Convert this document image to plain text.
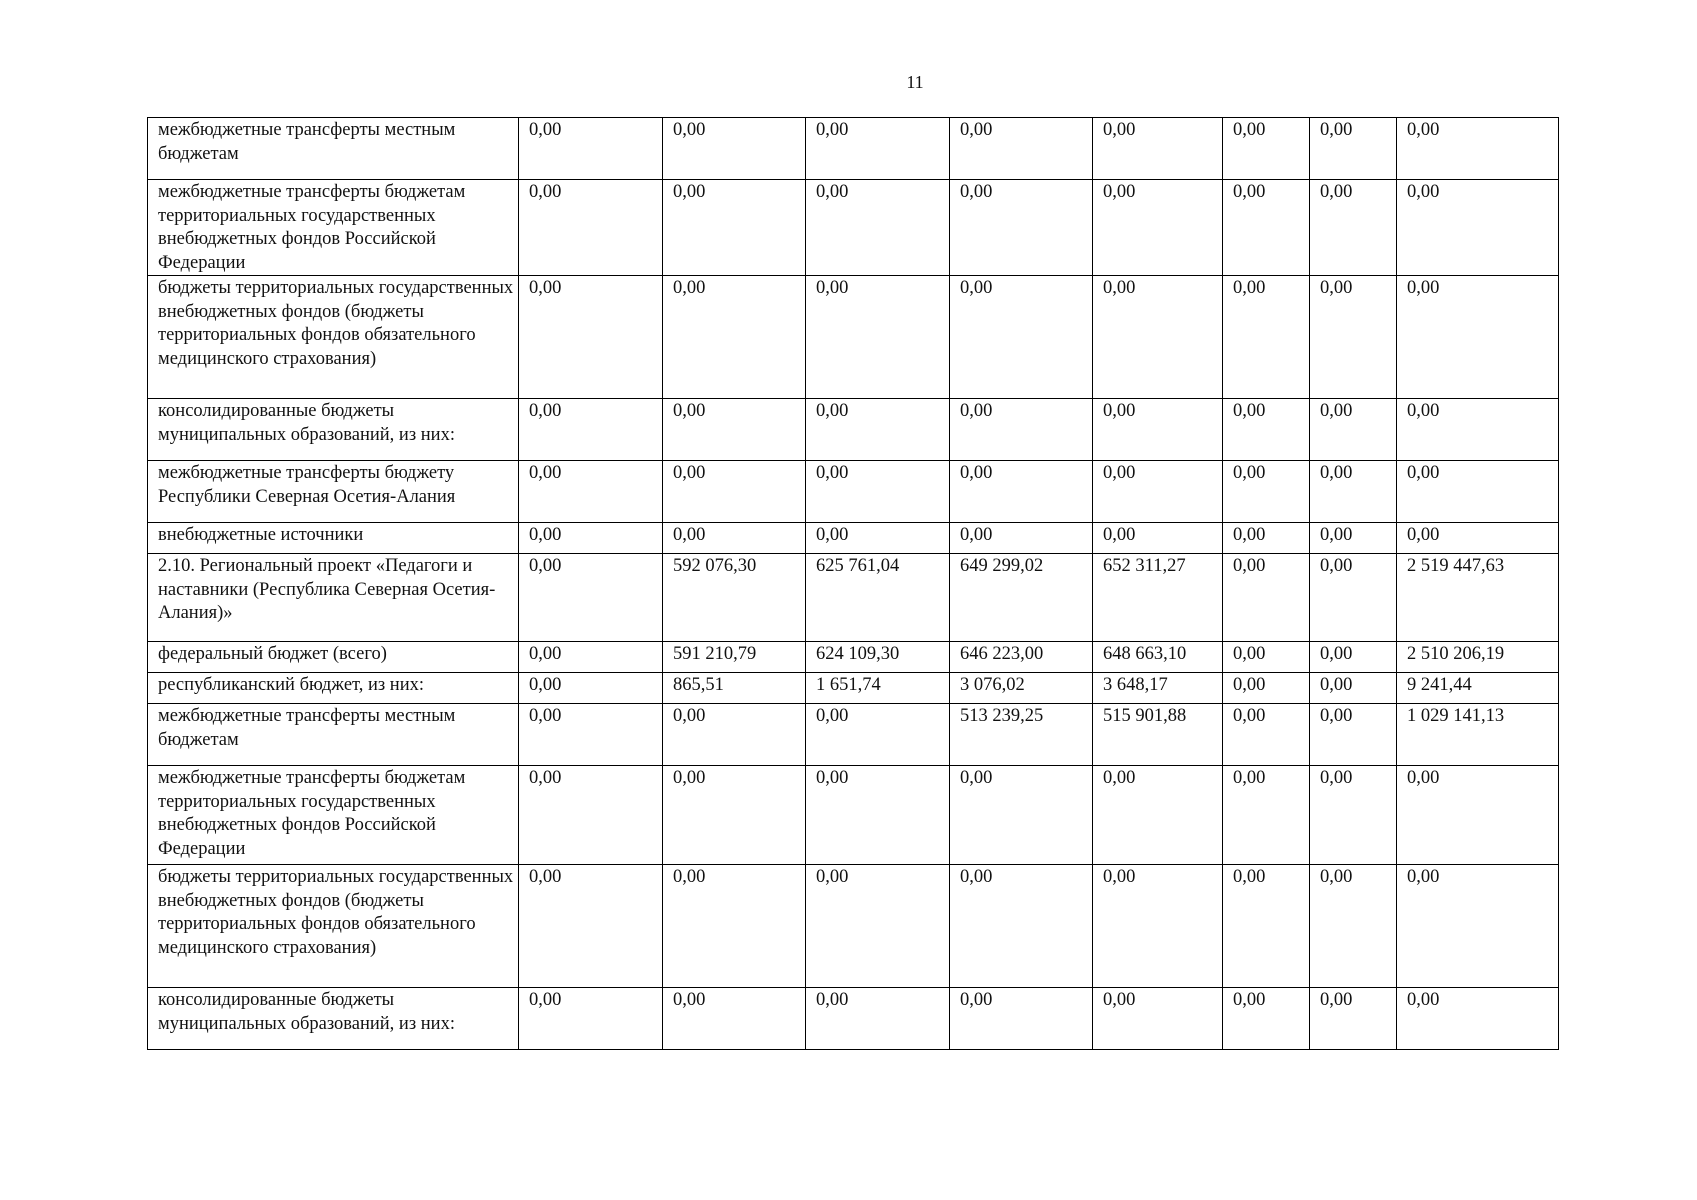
11
межбюджетные трансферты местным бюджетам	0,00	0,00	0,00	0,00	0,00	0,00	0,00	0,00
межбюджетные трансферты бюджетам территориальных государственных внебюджетных фондов Российской Федерации	0,00	0,00	0,00	0,00	0,00	0,00	0,00	0,00
бюджеты территориальных государственных внебюджетных фондов (бюджеты территориальных фондов обязательного медицинского страхования)	0,00	0,00	0,00	0,00	0,00	0,00	0,00	0,00
консолидированные бюджеты муниципальных образований, из них:	0,00	0,00	0,00	0,00	0,00	0,00	0,00	0,00
межбюджетные трансферты бюджету Республики Северная Осетия-Алания	0,00	0,00	0,00	0,00	0,00	0,00	0,00	0,00
внебюджетные источники	0,00	0,00	0,00	0,00	0,00	0,00	0,00	0,00
2.10. Региональный проект «Педагоги и наставники (Республика Северная Осетия-Алания)»	0,00	592 076,30	625 761,04	649 299,02	652 311,27	0,00	0,00	2 519 447,63
федеральный бюджет (всего)	0,00	591 210,79	624 109,30	646 223,00	648 663,10	0,00	0,00	2 510 206,19
республиканский бюджет, из них:	0,00	865,51	1 651,74	3 076,02	3 648,17	0,00	0,00	9 241,44
межбюджетные трансферты местным бюджетам	0,00	0,00	0,00	513 239,25	515 901,88	0,00	0,00	1 029 141,13
межбюджетные трансферты бюджетам территориальных государственных внебюджетных фондов Российской Федерации	0,00	0,00	0,00	0,00	0,00	0,00	0,00	0,00
бюджеты территориальных государственных внебюджетных фондов (бюджеты территориальных фондов обязательного медицинского страхования)	0,00	0,00	0,00	0,00	0,00	0,00	0,00	0,00
консолидированные бюджеты муниципальных образований, из них:	0,00	0,00	0,00	0,00	0,00	0,00	0,00	0,00
